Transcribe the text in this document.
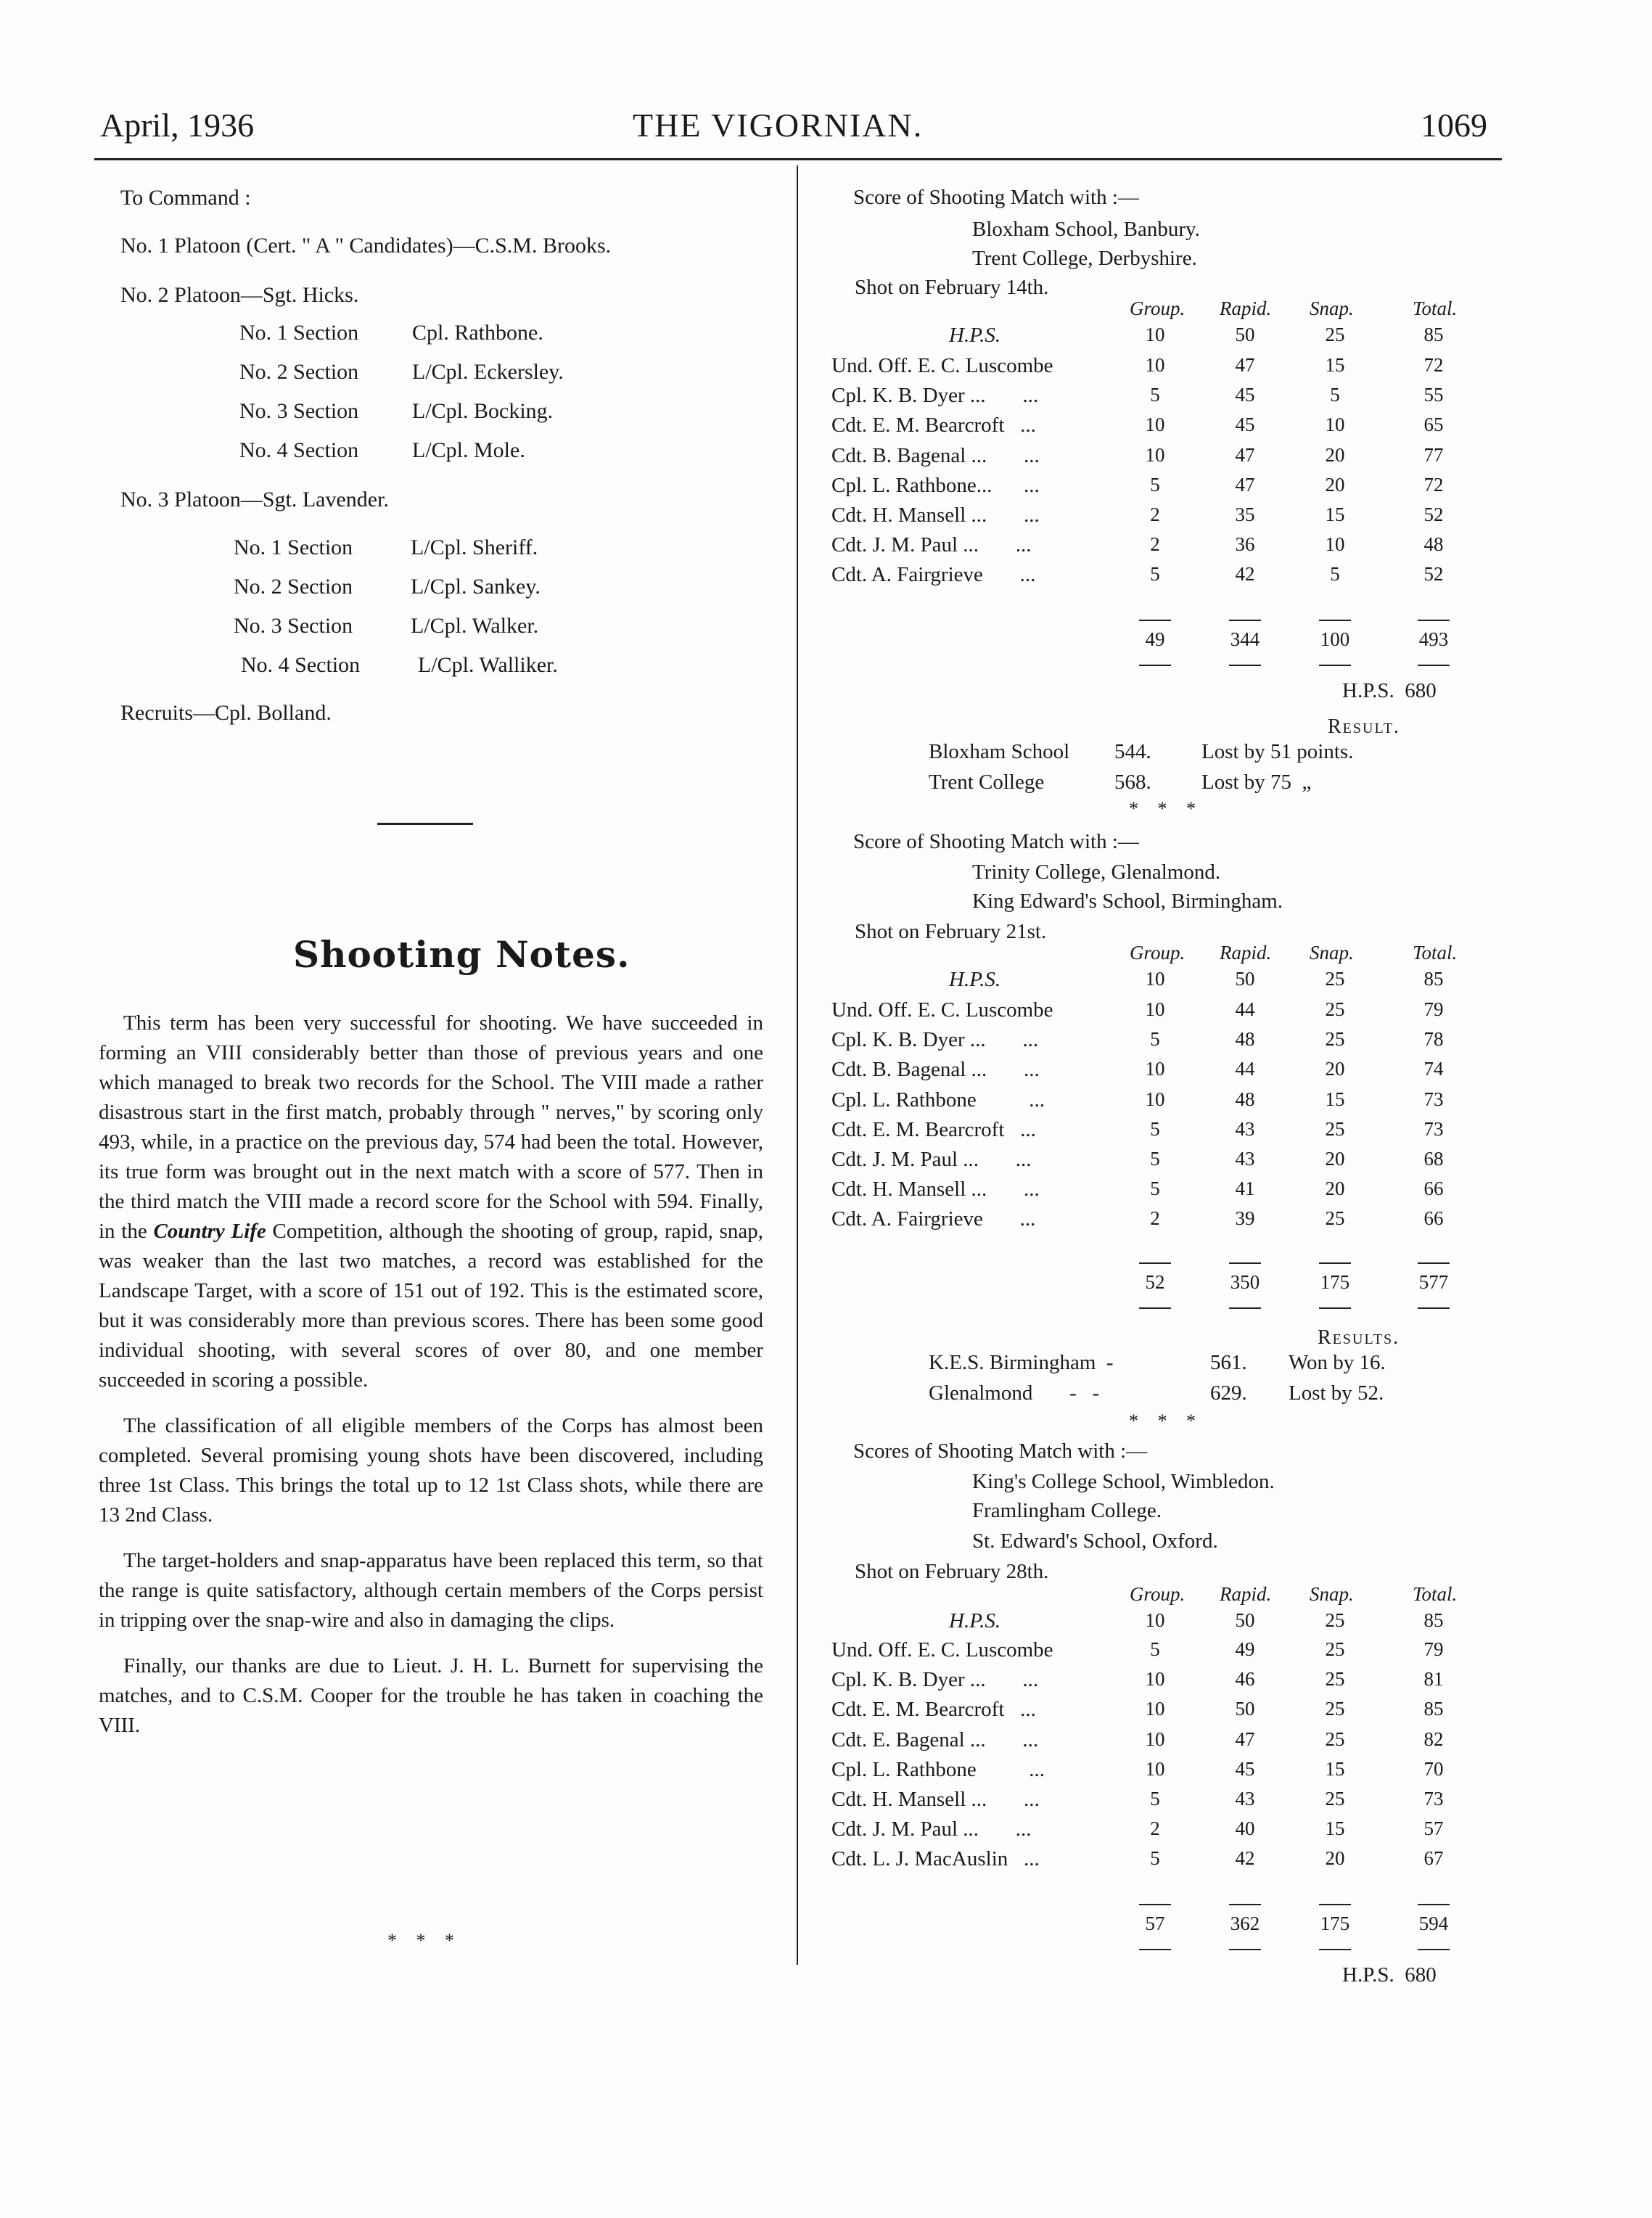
April, 1936	THE VIGORNIAN.	1069
To Command :
No. 1 Platoon (Cert. " A " Candidates)—C.S.M. Brooks.
No. 2 Platoon—Sgt. Hicks.
No. 1 Section Cpl. Rathbone.
No. 2 Section L/Cpl. Eckersley.
No. 3 Section L/Cpl. Bocking.
No. 4 Section L/Cpl. Mole.
No. 3 Platoon—Sgt. Lavender.
No. 1 Section	L/Cpl. Sheriff.
No. 2 Section	L/Cpl. Sankey.
No. 3 Section	L/Cpl. Walker.
No. 4 Section	L/Cpl. Walliker.
Recruits—Cpl. Bolland.
Shooting Notes.

This term has been very successful for shooting. We have succeeded in forming an VIII considerably better than those of previous years and one which managed to break two records for the School. The VIII made a rather disastrous start in the first match, probably through " nerves," by scoring only 493, while, in a practice on the previous day, 574 had been the total. However, its true form was brought out in the next match with a score of 577. Then in the third match the VIII made a record score for the School with 594. Finally, in the Country Life Competition, although the shooting of group, rapid, snap, was weaker than the last two matches, a record was established for the Landscape Target, with a score of 151 out of 192. This is the estimated score, but it was considerably more than previous scores. There has been some good individual shooting, with several scores of over 80, and one member succeeded in scoring a possible.

The classification of all eligible members of the Corps has almost been completed. Several promising young shots have been discovered, including three 1st Class. This brings the total up to 12 1st Class shots, while there are 13 2nd Class.

The target-holders and snap-apparatus have been replaced this term, so that the range is quite satisfactory, although certain members of the Corps persist in tripping over the snap-wire and also in damaging the clips.

Finally, our thanks are due to Lieut. J. H. L. Burnett for supervising the matches, and to C.S.M. Cooper for the trouble he has taken in coaching the VIII.

* * *
Score of Shooting Match with :—
Bloxham School, Banbury.
Trent College, Derbyshire.
Shot on February 14th.
Group. Rapid. Snap.	Total.
H.P.S.	10	50	25	85
Und. Off. E. C. Luscombe	10	47	15	72
Cpl. K. B. Dyer ...       ...	5	45	5	55
Cdt. E. M. Bearcroft   ...	10	45	10	65
Cdt. B. Bagenal ...       ...	10	47	20	77
Cpl. L. Rathbone...      ...	5	47	20	72
Cdt. H. Mansell ...       ...	2	35	15	52
Cdt. J. M. Paul ...       ...	2	36	10	48
Cdt. A. Fairgrieve       ...	5	42	5	52
49	344	100	493
H.P.S.  680
Result.
Bloxham School 544. Lost by 51 points.
Trent College	568. Lost by 75  „
* * *
Score of Shooting Match with :—
Trinity College, Glenalmond.
King Edward's School, Birmingham.
Shot on February 21st.
Group. Rapid. Snap.	Total.
H.P.S.	10	50	25	85
Und. Off. E. C. Luscombe	10	44	25	79
Cpl. K. B. Dyer ...       ...	5	48	25	78
Cdt. B. Bagenal ...       ...	10	44	20	74
Cpl. L. Rathbone          ...	10	48	15	73
Cdt. E. M. Bearcroft   ...	5	43	25	73
Cdt. J. M. Paul ...       ...	5	43	20	68
Cdt. H. Mansell ...       ...	5	41	20	66
Cdt. A. Fairgrieve       ...	2	39	25	66
52	350	175	577
Results.
K.E.S. Birmingham  -	561. Won by 16.
Glenalmond       -   -	629. Lost by 52.
* * *
Scores of Shooting Match with :—
King's College School, Wimbledon.
Framlingham College.
St. Edward's School, Oxford.
Shot on February 28th.
Group. Rapid. Snap.	Total.
H.P.S.	10	50	25	85
Und. Off. E. C. Luscombe	5	49	25	79
Cpl. K. B. Dyer ...       ...	10	46	25	81
Cdt. E. M. Bearcroft   ...	10	50	25	85
Cdt. E. Bagenal ...       ...	10	47	25	82
Cpl. L. Rathbone          ...	10	45	15	70
Cdt. H. Mansell ...       ...	5	43	25	73
Cdt. J. M. Paul ...       ...	2	40	15	57
Cdt. L. J. MacAuslin   ...	5	42	20	67
57	362	175	594
H.P.S.  680
